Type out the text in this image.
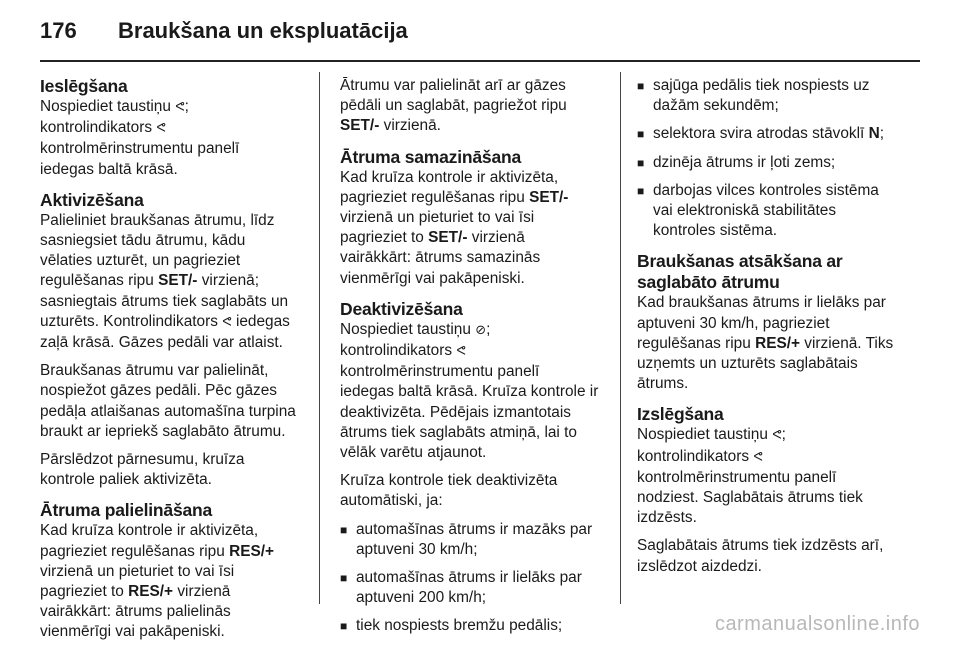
176 Braukšana un ekspluatācija
Ieslēgšana

Nospiediet taustiņu ᕙ;
kontrolindikators ᕙ
kontrolmērinstrumentu panelī
iedegas baltā krāsā.

Aktivizēšana

Palieliniet braukšanas ātrumu, līdz
sasniegsiet tādu ātrumu, kādu
vēlaties uzturēt, un pagrieziet
regulēšanas ripu SET/- virzienā;
sasniegtais ātrums tiek saglabāts un
uzturēts. Kontrolindikators ᕙ iedegas
zaļā krāsā. Gāzes pedāli var atlaist.

Braukšanas ātrumu var palielināt,
nospiežot gāzes pedāli. Pēc gāzes
pedāļa atlaišanas automašīna turpina
braukt ar iepriekš saglabāto ātrumu.

Pārslēdzot pārnesumu, kruīza
kontrole paliek aktivizēta.

Ātruma palielināšana

Kad kruīza kontrole ir aktivizēta,
pagrieziet regulēšanas ripu RES/+
virzienā un pieturiet to vai īsi
pagrieziet to RES/+ virzienā
vairākkārt: ātrums palielinās
vienmērīgi vai pakāpeniski.

Ātrumu var palielināt arī ar gāzes
pēdāli un saglabāt, pagriežot ripu
SET/- virzienā.

Ātruma samazināšana

Kad kruīza kontrole ir aktivizēta,
pagrieziet regulēšanas ripu SET/-
virzienā un pieturiet to vai īsi
pagrieziet to SET/- virzienā
vairākkārt: ātrums samazinās
vienmērīgi vai pakāpeniski.

Deaktivizēšana

Nospiediet taustiņu ⊘;
kontrolindikators ᕙ
kontrolmērinstrumentu panelī
iedegas baltā krāsā. Kruīza kontrole ir
deaktivizēta. Pēdējais izmantotais
ātrums tiek saglabāts atmiņā, lai to
vēlāk varētu atjaunot.

Kruīza kontrole tiek deaktivizēta
automātiski, ja:

■ automašīnas ātrums ir mazāks par
aptuveni 30 km/h;
■ automašīnas ātrums ir lielāks par
aptuveni 200 km/h;
■ tiek nospiests bremžu pedālis;
■ sajūga pedālis tiek nospiests uz
dažām sekundēm;
■ selektora svira atrodas stāvoklī N;
■ dzinēja ātrums ir ļoti zems;
■ darbojas vilces kontroles sistēma
vai elektroniskā stabilitātes
kontroles sistēma.
Braukšanas atsākšana ar
saglabāto ātrumu

Kad braukšanas ātrums ir lielāks par
aptuveni 30 km/h, pagrieziet
regulēšanas ripu RES/+ virzienā. Tiks
uzņemts un uzturēts saglabātais
ātrums.

Izslēgšana

Nospiediet taustiņu ᕙ;
kontrolindikators ᕙ
kontrolmērinstrumentu panelī
nodziest. Saglabātais ātrums tiek
izdzēsts.

Saglabātais ātrums tiek izdzēsts arī,
izslēdzot aizdedzi.

carmanualsonline.info
